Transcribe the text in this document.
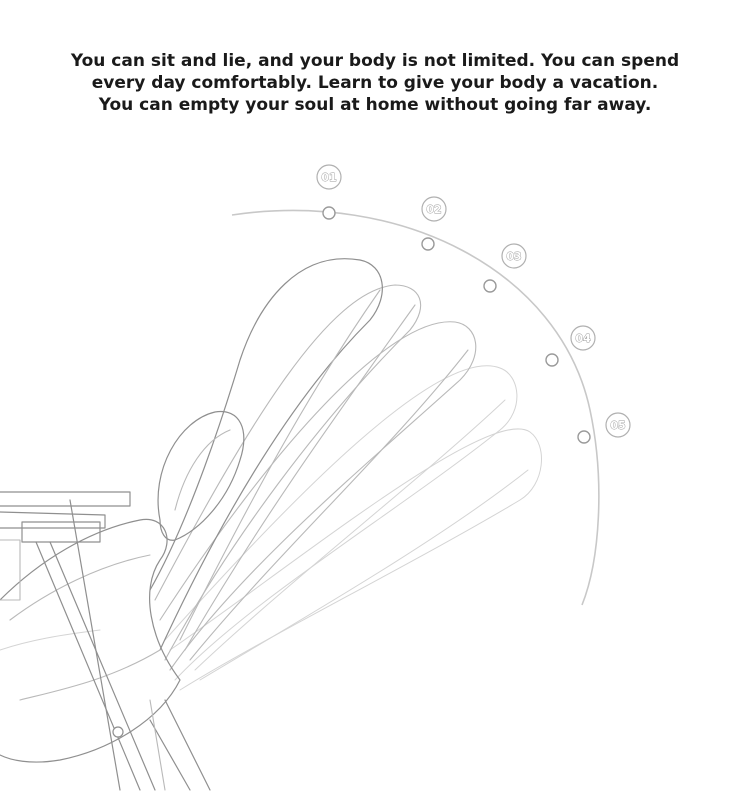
You can sit and lie, and your body is not limited. You can spend
every day comfortably. Learn to give your body a vacation.
You can empty your soul at home without going far away.
01
02
03
04
05
